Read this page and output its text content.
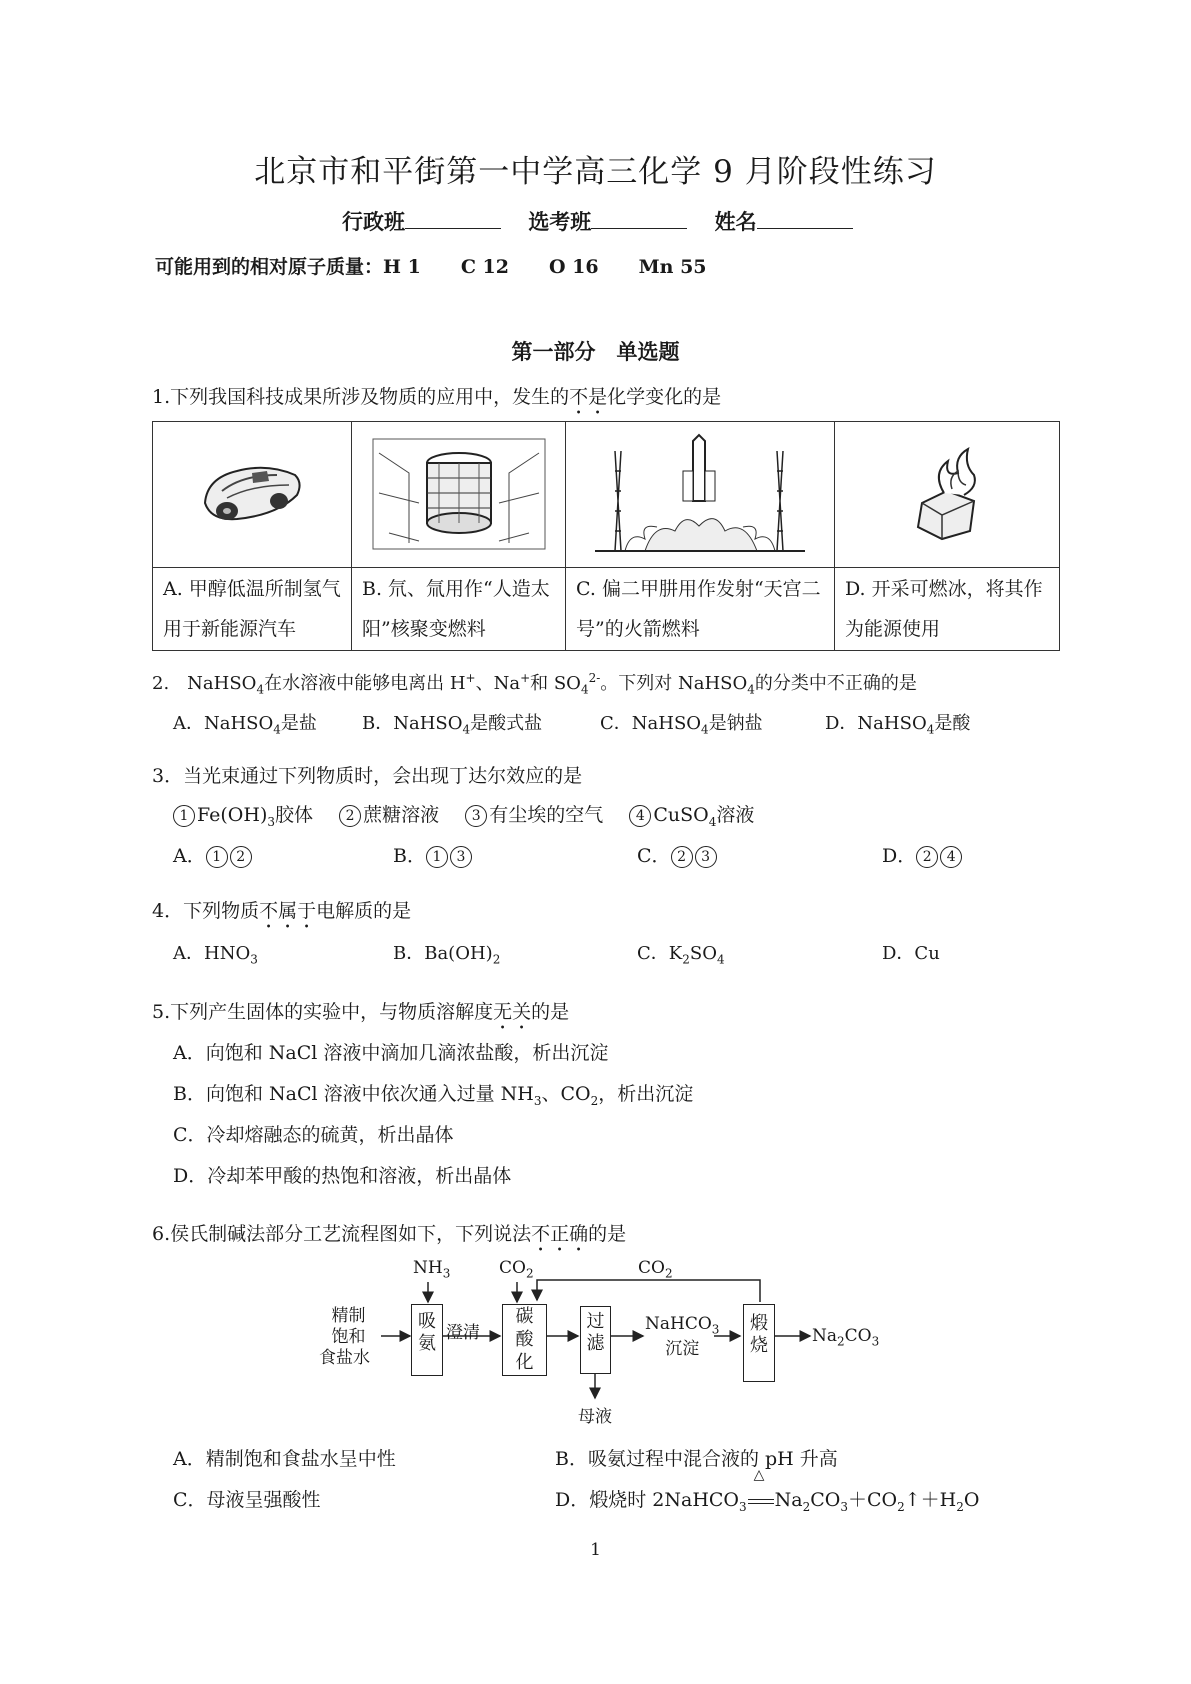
北京市和平街第一中学高三化学 9 月阶段性练习
行政班	选考班	姓名
可能用到的相对原子质量：H 1 C 12 O 16 Mn 55
第一部分　单选题
1.下列我国科技成果所涉及物质的应用中，发生的不是化学变化的是

A. 甲醇低温所制氢气用于新能源汽车	B. 氘、氚用作“人造太阳”核聚变燃料	C. 偏二甲肼用作发射“天宫二号”的火箭燃料	D. 开采可燃冰，将其作为能源使用
2.　NaHSO$_4$在水溶液中能够电离出 H+、Na+和 $SO_4^{2-}$。下列对 NaHSO$_4$的分类中不正确的是
A．NaHSO$_4$是盐	B．NaHSO$_4$是酸式盐	C．NaHSO$_4$是钠盐	D．NaHSO$_4$是酸
3．当光束通过下列物质时，会出现丁达尔效应的是
1 $Fe(OH)_3$胶体 2 蔗糖溶液 3 有尘埃的空气 4 CuSO$_4$溶液
A． 1 2	B． 1 3	C． 2 3	D． 2 4
4．下列物质不属于电解质的是
A．$HNO_3$	B．$Ba(OH)_2$	C．$K_2SO_4$	D．Cu
5.下列产生固体的实验中，与物质溶解度无关的是
A．向饱和 NaCl 溶液中滴加几滴浓盐酸，析出沉淀
B．向饱和 NaCl 溶液中依次通入过量 $NH_3$、$CO_2$，析出沉淀
C．冷却熔融态的硫黄，析出晶体
D．冷却苯甲酸的热饱和溶液，析出晶体
6.侯氏制碱法部分工艺流程图如下，下列说法不正确的是
精制
饱和
食盐水
$NH_3$	$CO_2$	$CO_2$
吸
氨 澄清
碳
酸
化
过
滤
NaHCO$_3$
沉淀
煅
烧	$Na_2CO_3$
母液
A．精制饱和食盐水呈中性	B．吸氨过程中混合液的 pH 升高
C．母液呈强酸性	D．煅烧时 2NaHCO$_3$
△
$Na_2CO_3+CO_2↑+H_2O$
1
